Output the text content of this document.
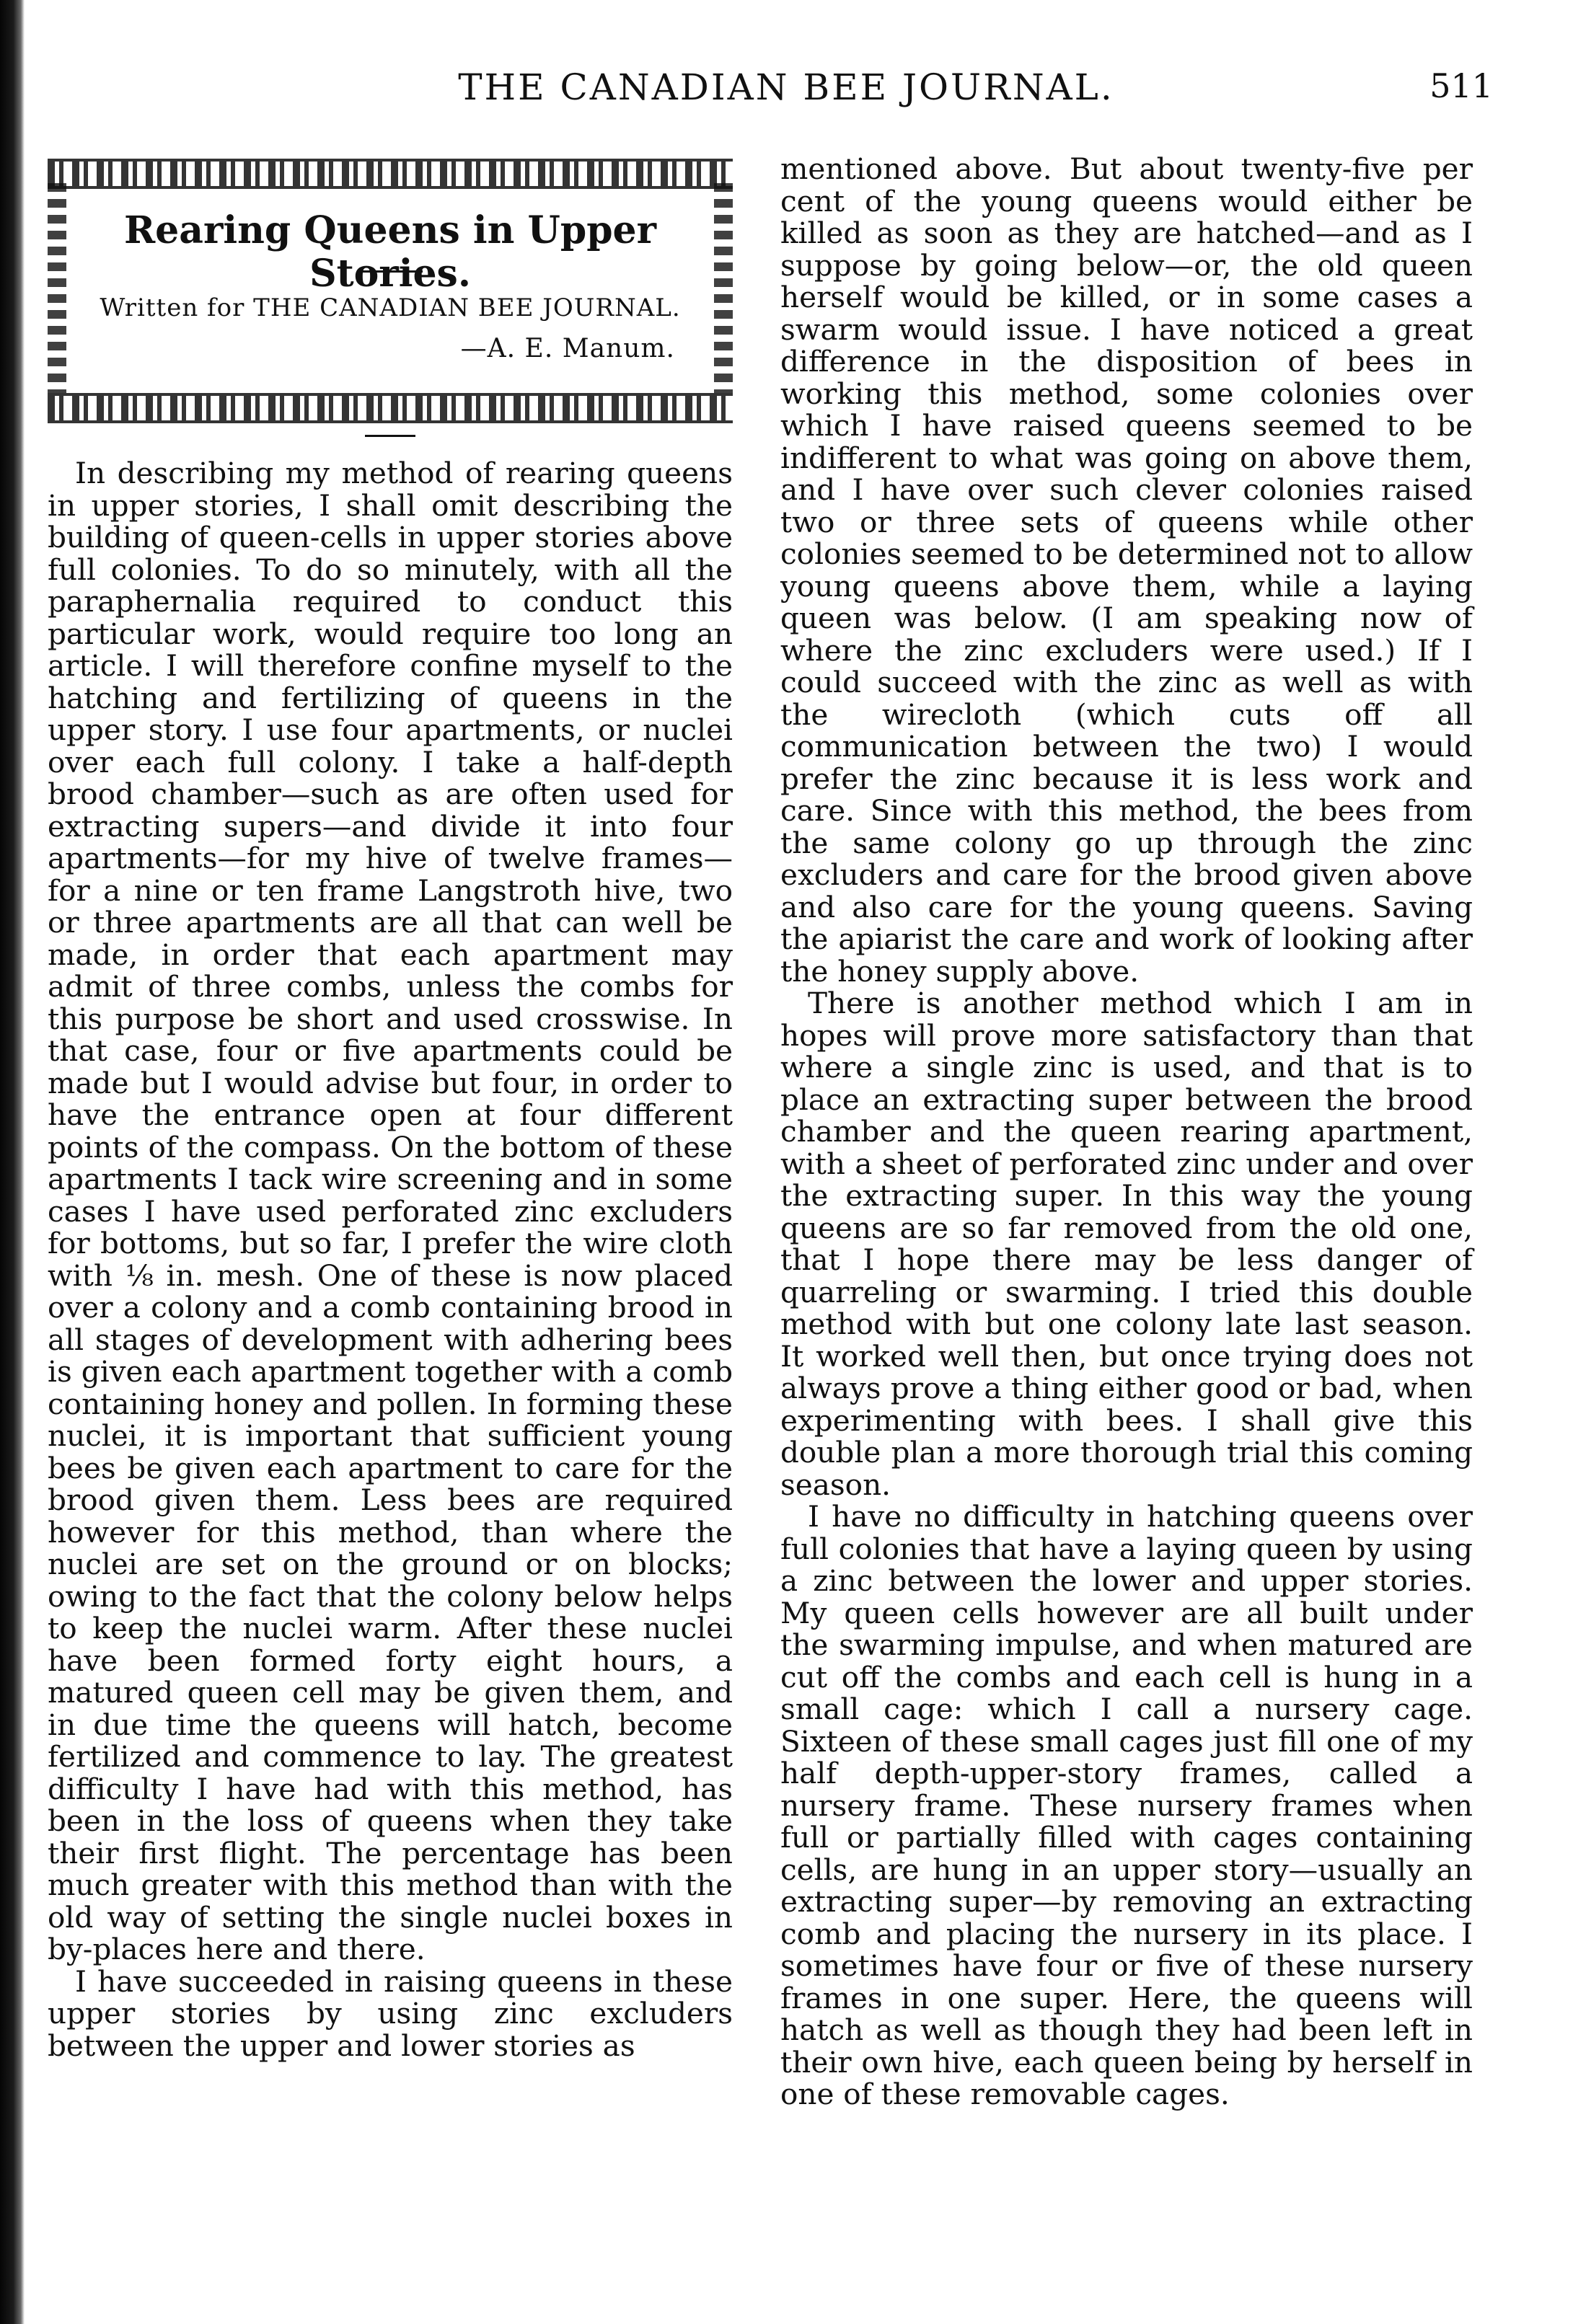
THE CANADIAN BEE JOURNAL.	511
Rearing Queens in Upper Stories.
Written for THE CANADIAN BEE JOURNAL.
—A. E. Manum.

In describing my method of rearing queens in upper stories, I shall omit describing the building of queen-cells in upper stories above full colonies. To do so minutely, with all the paraphernalia required to conduct this particular work, would require too long an article. I will therefore confine myself to the hatching and fertilizing of queens in the upper story. I use four apartments, or nuclei over each full colony. I take a half-depth brood chamber—such as are often used for extracting supers—and divide it into four apartments—for my hive of twelve frames—for a nine or ten frame Langstroth hive, two or three apartments are all that can well be made, in order that each apartment may admit of three combs, unless the combs for this purpose be short and used crosswise. In that case, four or five apartments could be made but I would advise but four, in order to have the entrance open at four different points of the compass. On the bottom of these apartments I tack wire screening and in some cases I have used perforated zinc excluders for bottoms, but so far, I prefer the wire cloth with ⅛ in. mesh. One of these is now placed over a colony and a comb containing brood in all stages of development with adhering bees is given each apartment together with a comb containing honey and pollen. In forming these nuclei, it is important that sufficient young bees be given each apartment to care for the brood given them. Less bees are required however for this method, than where the nuclei are set on the ground or on blocks; owing to the fact that the colony below helps to keep the nuclei warm. After these nuclei have been formed forty eight hours, a matured queen cell may be given them, and in due time the queens will hatch, become fertilized and commence to lay. The greatest difficulty I have had with this method, has been in the loss of queens when they take their first flight. The percentage has been much greater with this method than with the old way of setting the single nuclei boxes in by-places here and there.

I have succeeded in raising queens in these upper stories by using zinc excluders between the upper and lower stories as

mentioned above. But about twenty-five per cent of the young queens would either be killed as soon as they are hatched—and as I suppose by going below—or, the old queen herself would be killed, or in some cases a swarm would issue. I have noticed a great difference in the disposition of bees in working this method, some colonies over which I have raised queens seemed to be indifferent to what was going on above them, and I have over such clever colonies raised two or three sets of queens while other colonies seemed to be determined not to allow young queens above them, while a laying queen was below. (I am speaking now of where the zinc excluders were used.) If I could succeed with the zinc as well as with the wirecloth (which cuts off all communication between the two) I would prefer the zinc because it is less work and care. Since with this method, the bees from the same colony go up through the zinc excluders and care for the brood given above and also care for the young queens. Saving the apiarist the care and work of looking after the honey supply above.

There is another method which I am in hopes will prove more satisfactory than that where a single zinc is used, and that is to place an extracting super between the brood chamber and the queen rearing apartment, with a sheet of perforated zinc under and over the extracting super. In this way the young queens are so far removed from the old one, that I hope there may be less danger of quarreling or swarming. I tried this double method with but one colony late last season. It worked well then, but once trying does not always prove a thing either good or bad, when experimenting with bees. I shall give this double plan a more thorough trial this coming season.

I have no difficulty in hatching queens over full colonies that have a laying queen by using a zinc between the lower and upper stories. My queen cells however are all built under the swarming impulse, and when matured are cut off the combs and each cell is hung in a small cage: which I call a nursery cage. Sixteen of these small cages just fill one of my half depth-upper-story frames, called a nursery frame. These nursery frames when full or partially filled with cages containing cells, are hung in an upper story—usually an extracting super—by removing an extracting comb and placing the nursery in its place. I sometimes have four or five of these nursery frames in one super. Here, the queens will hatch as well as though they had been left in their own hive, each queen being by herself in one of these removable cages.
